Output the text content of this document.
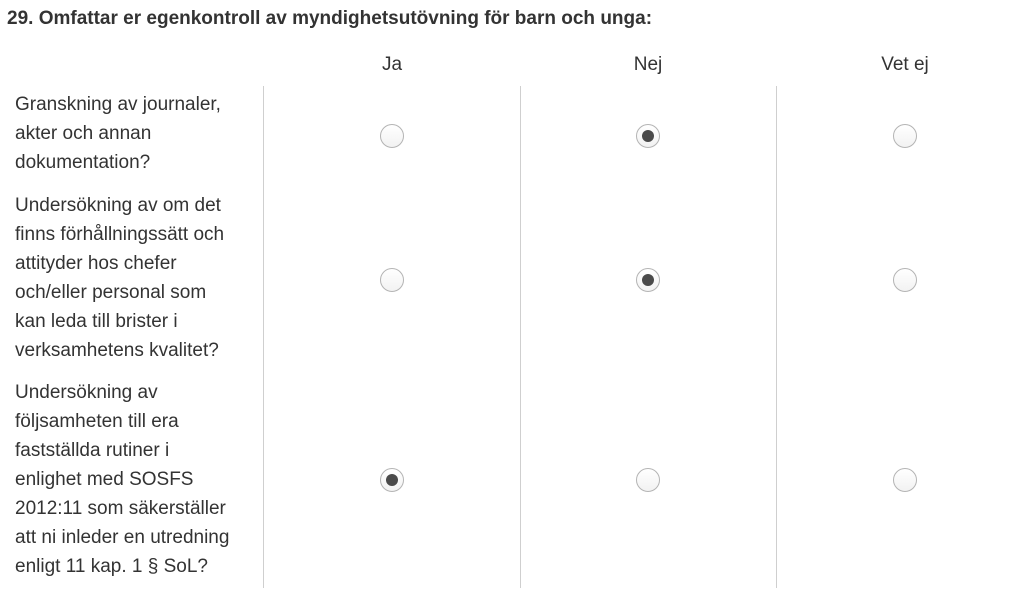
29. Omfattar er egenkontroll av myndighetsutövning för barn och unga:
Ja	Nej	Vet ej
Granskning av journaler,
akter och annan
dokumentation?
Undersökning av om det
finns förhållningssätt och
attityder hos chefer
och/eller personal som
kan leda till brister i
verksamhetens kvalitet?
Undersökning av
följsamheten till era
fastställda rutiner i
enlighet med SOSFS
2012:11 som säkerställer
att ni inleder en utredning
enligt 11 kap. 1 § SoL?
